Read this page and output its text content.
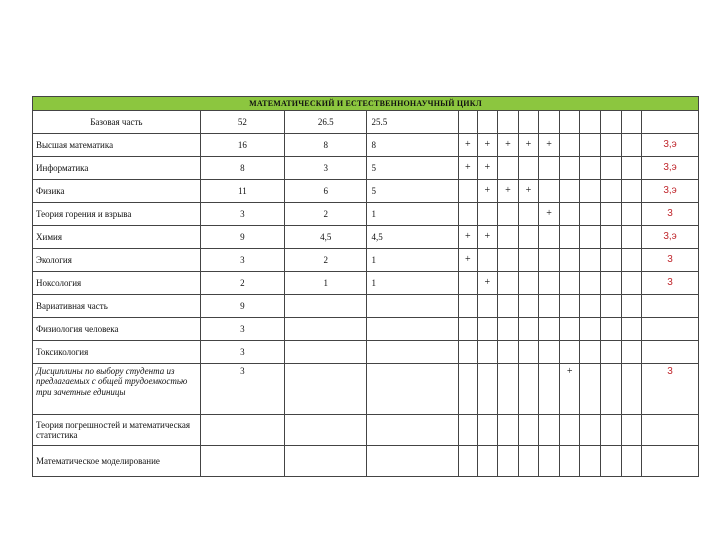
МАТЕМАТИЧЕСКИЙ И ЕСТЕСТВЕННОНАУЧНЫЙ ЦИКЛ													
Базовая часть	52	26.5	25.5										
Высшая математика	16	8	8	+	+	+	+	+					3,э
Информатика	8	3	5	+	+								3,э
Физика	11	6	5		+	+	+						3,э
Теория горения и взрыва	3	2	1					+					3
Химия	9	4,5	4,5	+	+								3,э
Экология	3	2	1	+									3
Ноксология	2	1	1		+								3
Вариативная часть	9												
Физиология человека	3												
Токсикология	3												
Дисциплины по выбору студента из предлагаемых с общей трудоемкостью три зачетные единицы	3								+				3
Теория погрешностей и математическая статистика													
Математическое моделирование													
